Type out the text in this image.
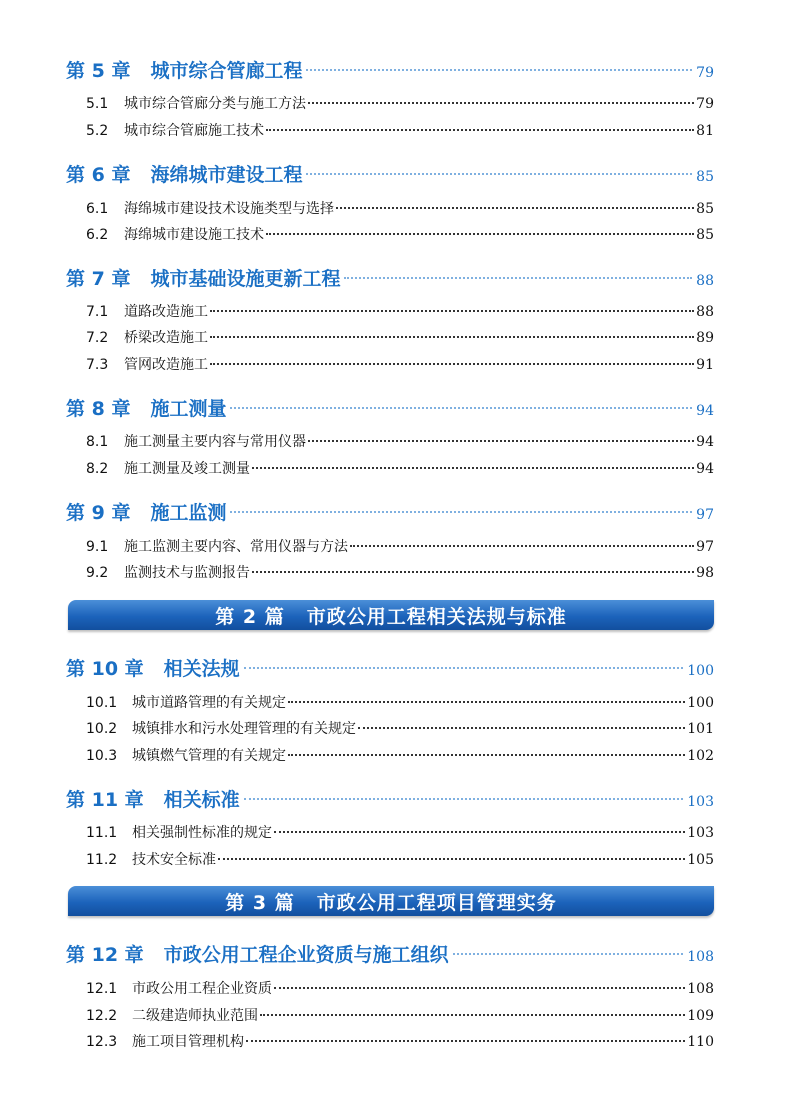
第 5 章 城市综合管廊工程	79
5.1	城市综合管廊分类与施工方法	79
5.2	城市综合管廊施工技术	81
第 6 章 海绵城市建设工程	85
6.1	海绵城市建设技术设施类型与选择	85
6.2	海绵城市建设施工技术	85
第 7 章 城市基础设施更新工程	88
7.1	道路改造施工	88
7.2	桥梁改造施工	89
7.3	管网改造施工	91
第 8 章 施工测量	94
8.1	施工测量主要内容与常用仪器	94
8.2	施工测量及竣工测量	94
第 9 章 施工监测	97
9.1	施工监测主要内容、常用仪器与方法	97
9.2	监测技术与监测报告	98
第 2 篇 市政公用工程相关法规与标准
第 10 章 相关法规	100
10.1	城市道路管理的有关规定	100
10.2	城镇排水和污水处理管理的有关规定	101
10.3	城镇燃气管理的有关规定	102
第 11 章 相关标准	103
11.1	相关强制性标准的规定	103
11.2	技术安全标准	105
第 3 篇 市政公用工程项目管理实务
第 12 章 市政公用工程企业资质与施工组织	108
12.1	市政公用工程企业资质	108
12.2	二级建造师执业范围	109
12.3	施工项目管理机构	110
